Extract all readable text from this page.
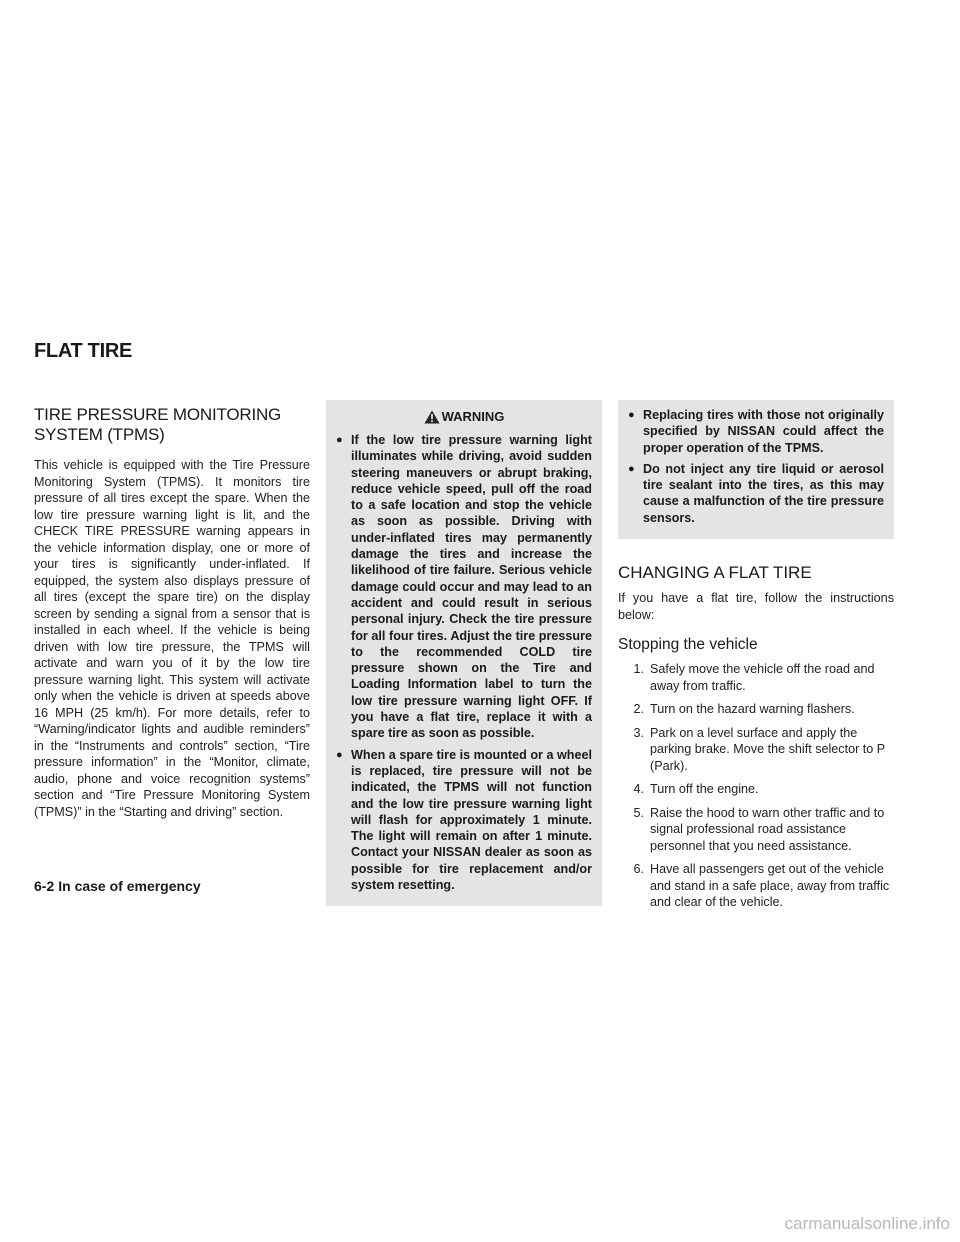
FLAT TIRE
TIRE PRESSURE MONITORING SYSTEM (TPMS)

This vehicle is equipped with the Tire Pressure Monitoring System (TPMS). It monitors tire pressure of all tires except the spare. When the low tire pressure warning light is lit, and the CHECK TIRE PRESSURE warning appears in the vehicle information display, one or more of your tires is significantly under-inflated. If equipped, the system also displays pressure of all tires (except the spare tire) on the display screen by sending a signal from a sensor that is installed in each wheel. If the vehicle is being driven with low tire pressure, the TPMS will activate and warn you of it by the low tire pressure warning light. This system will activate only when the vehicle is driven at speeds above 16 MPH (25 km/h). For more details, refer to “Warning/indicator lights and audible reminders” in the “Instruments and controls” section, “Tire pressure information” in the “Monitor, climate, audio, phone and voice recognition systems” section and “Tire Pressure Monitoring System (TPMS)” in the “Starting and driving” section.

WARNING
● If the low tire pressure warning light illuminates while driving, avoid sudden steering maneuvers or abrupt braking, reduce vehicle speed, pull off the road to a safe location and stop the vehicle as soon as possible. Driving with under-inflated tires may permanently damage the tires and increase the likelihood of tire failure. Serious vehicle damage could occur and may lead to an accident and could result in serious personal injury. Check the tire pressure for all four tires. Adjust the tire pressure to the recommended COLD tire pressure shown on the Tire and Loading Information label to turn the low tire pressure warning light OFF. If you have a flat tire, replace it with a spare tire as soon as possible.
● When a spare tire is mounted or a wheel is replaced, tire pressure will not be indicated, the TPMS will not function and the low tire pressure warning light will flash for approximately 1 minute. The light will remain on after 1 minute. Contact your NISSAN dealer as soon as possible for tire replacement and/or system resetting.
● Replacing tires with those not originally specified by NISSAN could affect the proper operation of the TPMS.
● Do not inject any tire liquid or aerosol tire sealant into the tires, as this may cause a malfunction of the tire pressure sensors.
CHANGING A FLAT TIRE

If you have a flat tire, follow the instructions below:

Stopping the vehicle
1. Safely move the vehicle off the road and away from traffic.
2. Turn on the hazard warning flashers.
3. Park on a level surface and apply the parking brake. Move the shift selector to P (Park).
4. Turn off the engine.
5. Raise the hood to warn other traffic and to signal professional road assistance personnel that you need assistance.
6. Have all passengers get out of the vehicle and stand in a safe place, away from traffic and clear of the vehicle.
6-2 In case of emergency
carmanualsonline.info
